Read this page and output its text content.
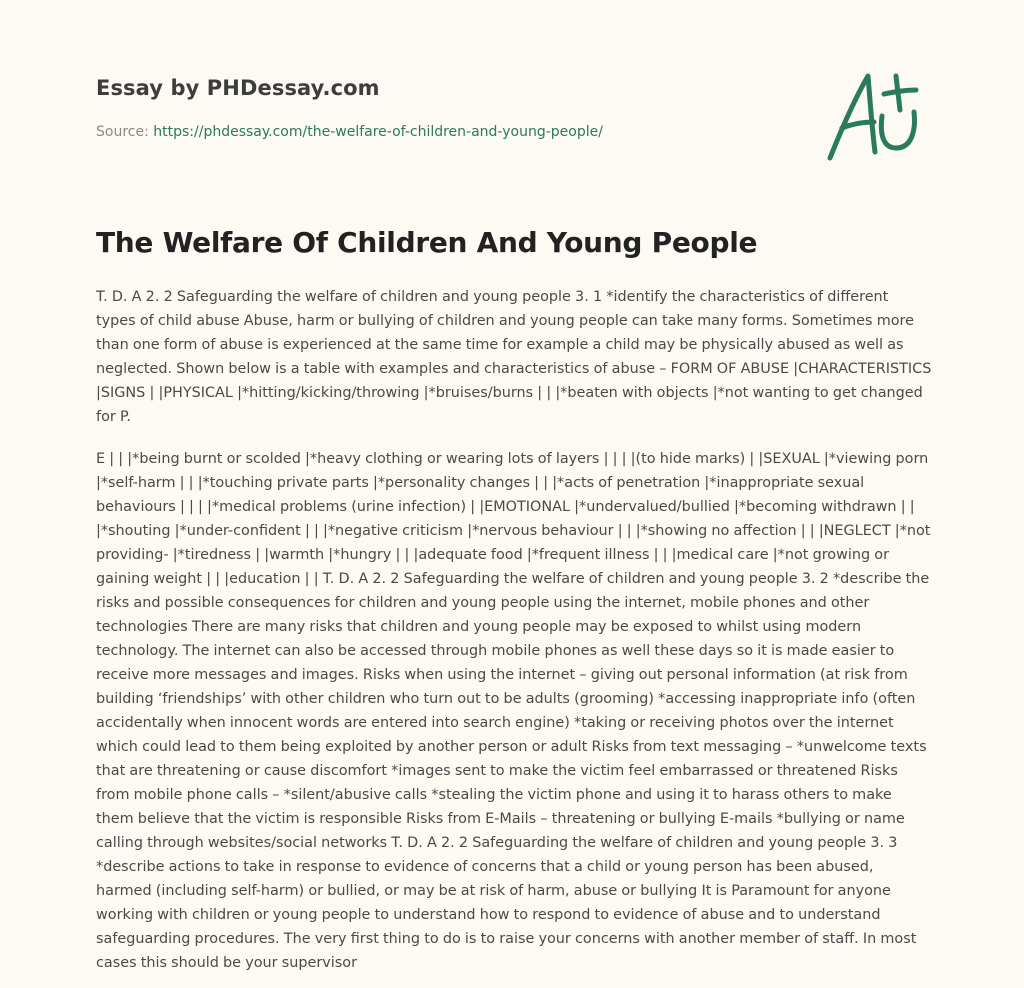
Essay by PHDessay.com
Source: https://phdessay.com/the-welfare-of-children-and-young-people/
The Welfare Of Children And Young People

T. D. A 2. 2 Safeguarding the welfare of children and young people 3. 1 *identify the characteristics of different types of child abuse Abuse, harm or bullying of children and young people can take many forms. Sometimes more than one form of abuse is experienced at the same time for example a child may be physically abused as well as neglected. Shown below is a table with examples and characteristics of abuse – FORM OF ABUSE |CHARACTERISTICS |SIGNS | |PHYSICAL |*hitting/kicking/throwing |*bruises/burns | | |*beaten with objects |*not wanting to get changed for P.

E | | |*being burnt or scolded |*heavy clothing or wearing lots of layers | | | |(to hide marks) | |SEXUAL |*viewing porn |*self-harm | | |*touching private parts |*personality changes | | |*acts of penetration |*inappropriate sexual behaviours | | | |*medical problems (urine infection) | |EMOTIONAL |*undervalued/bullied |*becoming withdrawn | | |*shouting |*under-confident | | |*negative criticism |*nervous behaviour | | |*showing no affection | | |NEGLECT |*not providing- |*tiredness | |warmth |*hungry | | |adequate food |*frequent illness | | |medical care |*not growing or gaining weight | | |education | | T. D. A 2. 2 Safeguarding the welfare of children and young people 3. 2 *describe the risks and possible consequences for children and young people using the internet, mobile phones and other technologies There are many risks that children and young people may be exposed to whilst using modern technology. The internet can also be accessed through mobile phones as well these days so it is made easier to receive more messages and images. Risks when using the internet – giving out personal information (at risk from building ‘friendships’ with other children who turn out to be adults (grooming) *accessing inappropriate info (often accidentally when innocent words are entered into search engine) *taking or receiving photos over the internet which could lead to them being exploited by another person or adult Risks from text messaging – *unwelcome texts that are threatening or cause discomfort *images sent to make the victim feel embarrassed or threatened Risks from mobile phone calls – *silent/abusive calls *stealing the victim phone and using it to harass others to make them believe that the victim is responsible Risks from E-Mails – threatening or bullying E-mails *bullying or name calling through websites/social networks T. D. A 2. 2 Safeguarding the welfare of children and young people 3. 3 *describe actions to take in response to evidence of concerns that a child or young person has been abused, harmed (including self-harm) or bullied, or may be at risk of harm, abuse or bullying It is Paramount for anyone working with children or young people to understand how to respond to evidence of abuse and to understand safeguarding procedures. The very first thing to do is to raise your concerns with another member of staff. In most cases this should be your supervisor
